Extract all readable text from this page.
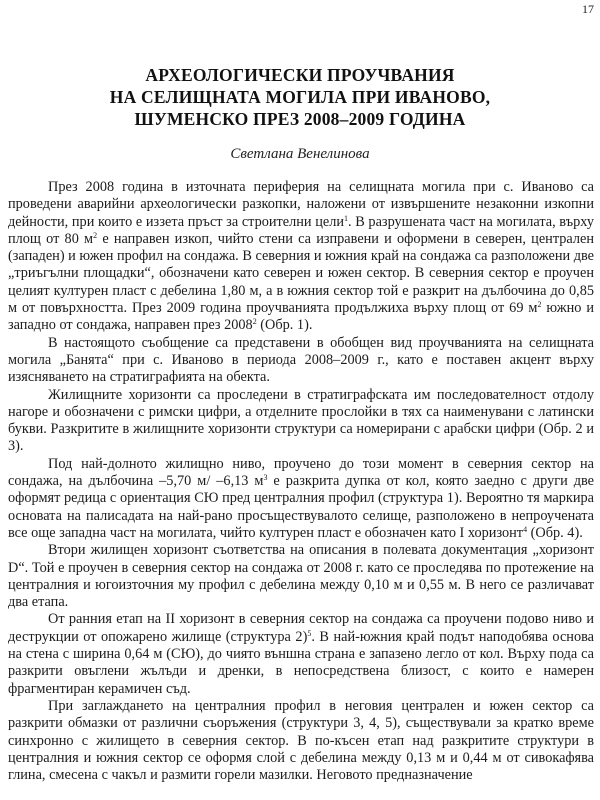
17
АРХЕОЛОГИЧЕСКИ ПРОУЧВАНИЯ
НА СЕЛИЩНАТА МОГИЛА ПРИ ИВАНОВО,
ШУМЕНСКО ПРЕЗ 2008–2009 ГОДИНА
Светлана Венелинова

През 2008 година в източната периферия на селищната могила при с. Иваново са проведени аварийни археологически разкопки, наложени от извършените незаконни изкопни дейности, при които е иззета пръст за строителни цели$^1$. В разрушената част на могилата, върху площ от 80 $м^2$ е направен изкоп, чийто стени са изправени и оформени в северен, централен (западен) и южен профил на сондажа. В северния и южния край на сондажа са разположени две „триъгълни площадки“, обозначени като северен и южен сектор. В северния сектор е проучен целият културен пласт с дебелина 1,80 м, а в южния сектор той е разкрит на дълбочина до 0,85 м от повърхността. През 2009 година проучванията продължиха върху площ от 69 $м^2$ южно и западно от сондажа, направен през 2008$^2$ (Обр. 1).

В настоящото съобщение са представени в обобщен вид проучванията на селищната могила „Банята“ при с. Иваново в периода 2008–2009 г., като е поставен акцент върху изясняването на стратиграфията на обекта.

Жилищните хоризонти са проследени в стратиграфската им последователност отдолу нагоре и обозначени с римски цифри, а отделните прослойки в тях са наименувани с латински букви. Разкритите в жилищните хоризонти структури са номерирани с арабски цифри (Обр. 2 и 3).

Под най-долното жилищно ниво, проучено до този момент в северния сектор на сондажа, на дълбочина –5,70 м/ –6,13 $м^3$ е разкрита дупка от кол, която заедно с други две оформят редица с ориентация СЮ пред централния профил (структура 1). Вероятно тя маркира основата на палисадата на най-рано просъществувалото селище, разположено в непроучената все още западна част на могилата, чийто културен пласт е обозначен като I хоризонт$^4$ (Обр. 4).

Втори жилищен хоризонт съответства на описания в полевата документация „хоризонт D“. Той е проучен в северния сектор на сондажа от 2008 г. като се проследява по протежение на централния и югоизточния му профил с дебелина между 0,10 м и 0,55 м. В него се различават два етапа.

От ранния етап на II хоризонт в северния сектор на сондажа са проучени подово ниво и деструкции от опожарено жилище (структура 2)$^5$. В най-южния край подът наподобява основа на стена с ширина 0,64 м (СЮ), до чиято външна страна е запазено легло от кол. Върху пода са разкрити овъглени жълъди и дренки, в непосредствена близост, с които е намерен фрагментиран керамичен съд.

При заглаждането на централния профил в неговия централен и южен сектор са разкрити обмазки от различни съоръжения (структури 3, 4, 5), съществували за кратко време синхронно с жилището в северния сектор. В по-късен етап над разкритите структури в централния и южния сектор се оформя слой с дебелина между 0,13 м и 0,44 м от сивокафява глина, смесена с чакъл и размити горели мазилки. Неговото предназначение
